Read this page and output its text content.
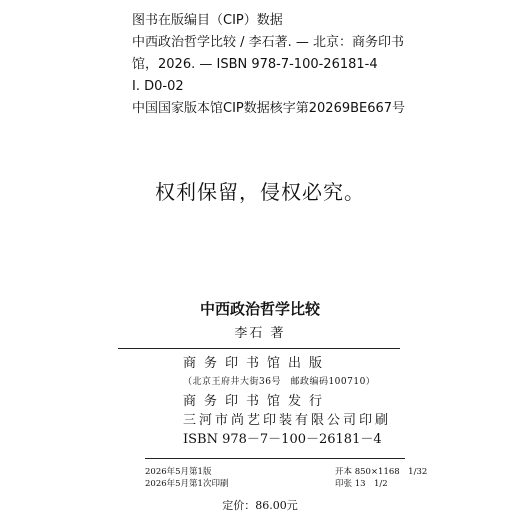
图书在版编目（CIP）数据
中西政治哲学比较 / 李石著. — 北京：商务印书
馆，2026. — ISBN 978-7-100-26181-4
Ⅰ. D0-02
中国国家版本馆CIP数据核字第20269BE667号
权利保留，侵权必究。
中西政治哲学比较
李石 著
商务印书馆出版
（北京王府井大街36号　邮政编码100710）
商务印书馆发行
三河市尚艺印装有限公司印刷
ISBN 978－7－100－26181－4
2026年5月第1版	开本 850×1168　1/32
2026年5月第1次印刷	印张 13　1/2
定价：86.00元
